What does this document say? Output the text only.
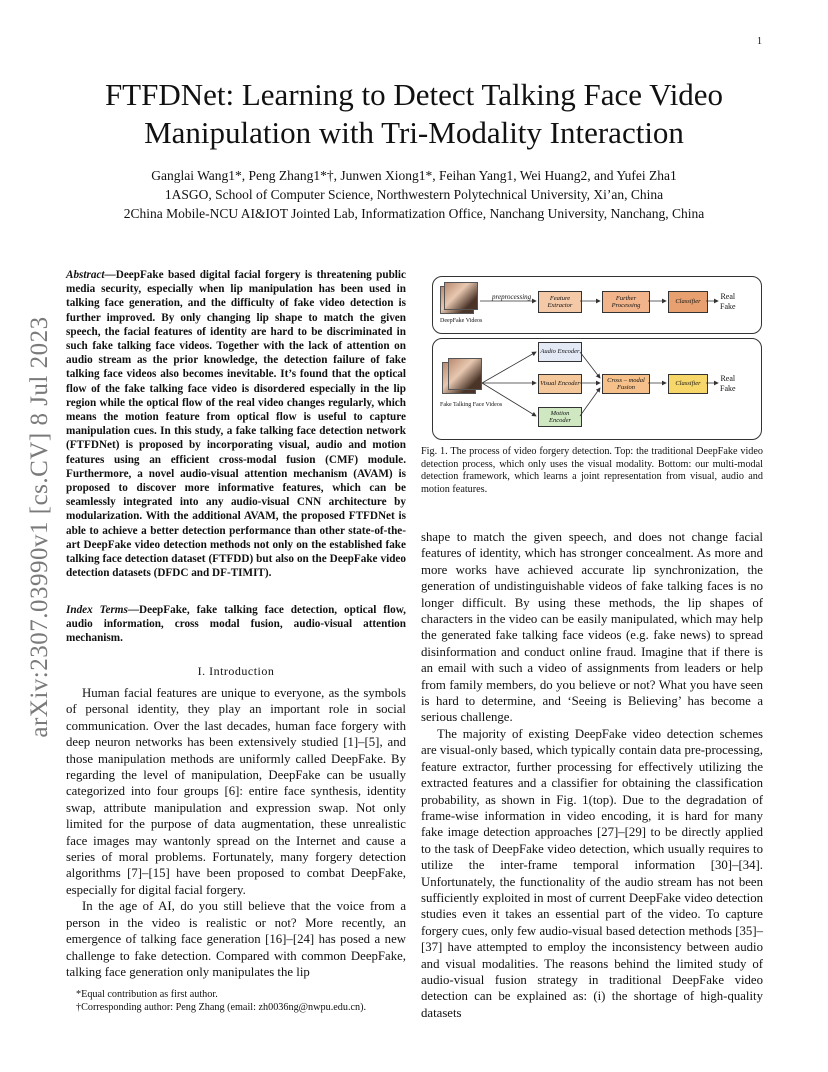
1
arXiv:2307.03990v1 [cs.CV] 8 Jul 2023
FTFDNet: Learning to Detect Talking Face Video
Manipulation with Tri-Modality Interaction
Ganglai Wang1*, Peng Zhang1*†, Junwen Xiong1*, Feihan Yang1, Wei Huang2, and Yufei Zha1
1ASGO, School of Computer Science, Northwestern Polytechnical University, Xi’an, China
2China Mobile-NCU AI&IOT Jointed Lab, Informatization Office, Nanchang University, Nanchang, China
Abstract—DeepFake based digital facial forgery is threatening public media security, especially when lip manipulation has been used in talking face generation, and the difficulty of fake video detection is further improved. By only changing lip shape to match the given speech, the facial features of identity are hard to be discriminated in such fake talking face videos. Together with the lack of attention on audio stream as the prior knowledge, the detection failure of fake talking face videos also becomes inevitable. It’s found that the optical flow of the fake talking face video is disordered especially in the lip region while the optical flow of the real video changes regularly, which means the motion feature from optical flow is useful to capture manipulation cues. In this study, a fake talking face detection network (FTFDNet) is proposed by incorporating visual, audio and motion features using an efficient cross-modal fusion (CMF) module. Furthermore, a novel audio-visual attention mechanism (AVAM) is proposed to discover more informative features, which can be seamlessly integrated into any audio-visual CNN architecture by modularization. With the additional AVAM, the proposed FTFDNet is able to achieve a better detection performance than other state-of-the-art DeepFake video detection methods not only on the established fake talking face detection dataset (FTFDD) but also on the DeepFake video detection datasets (DFDC and DF-TIMIT).
Index Terms—DeepFake, fake talking face detection, optical flow, audio information, cross modal fusion, audio-visual attention mechanism.
I. Introduction

Human facial features are unique to everyone, as the symbols of personal identity, they play an important role in social communication. Over the last decades, human face forgery with deep neuron networks has been extensively studied [1]–[5], and those manipulation methods are uniformly called DeepFake. By regarding the level of manipulation, DeepFake can be usually categorized into four groups [6]: entire face synthesis, identity swap, attribute manipulation and expression swap. Not only limited for the purpose of data augmentation, these unrealistic face images may wantonly spread on the Internet and cause a series of moral problems. Fortunately, many forgery detection algorithms [7]–[15] have been proposed to combat DeepFake, especially for digital facial forgery.

In the age of AI, do you still believe that the voice from a person in the video is realistic or not? More recently, an emergence of talking face generation [16]–[24] has posed a new challenge to fake detection. Compared with common DeepFake, talking face generation only manipulates the lip

*Equal contribution as first author.

†Corresponding author: Peng Zhang (email: zh0036ng@nwpu.edu.cn).

DeepFake Videos
preprocessing	Feature Extractor
Further Processing
Classifier
Real
Fake
Fake Talking Face Videos
Audio Encoder
Visual Encoder
Motion Encoder
Cross – modal Fusion
Classifier
Real
Fake
Fig. 1. The process of video forgery detection. Top: the traditional DeepFake video detection process, which only uses the visual modality. Bottom: our multi-modal detection framework, which learns a joint representation from visual, audio and motion features.

shape to match the given speech, and does not change facial features of identity, which has stronger concealment. As more and more works have achieved accurate lip synchronization, the generation of undistinguishable videos of fake talking faces is no longer difficult. By using these methods, the lip shapes of characters in the video can be easily manipulated, which may help the generated fake talking face videos (e.g. fake news) to spread disinformation and conduct online fraud. Imagine that if there is an email with such a video of assignments from leaders or help from family members, do you believe or not? What you have seen is hard to determine, and ‘Seeing is Believing’ has become a serious challenge.

The majority of existing DeepFake video detection schemes are visual-only based, which typically contain data pre-processing, feature extractor, further processing for effectively utilizing the extracted features and a classifier for obtaining the classification probability, as shown in Fig. 1(top). Due to the degradation of frame-wise information in video encoding, it is hard for many fake image detection approaches [27]–[29] to be directly applied to the task of DeepFake video detection, which usually requires to utilize the inter-frame temporal information [30]–[34]. Unfortunately, the functionality of the audio stream has not been sufficiently exploited in most of current DeepFake video detection studies even it takes an essential part of the video. To capture forgery cues, only few audio-visual based detection methods [35]–[37] have attempted to employ the inconsistency between audio and visual modalities. The reasons behind the limited study of audio-visual fusion strategy in traditional DeepFake video detection can be explained as: (i) the shortage of high-quality datasets
